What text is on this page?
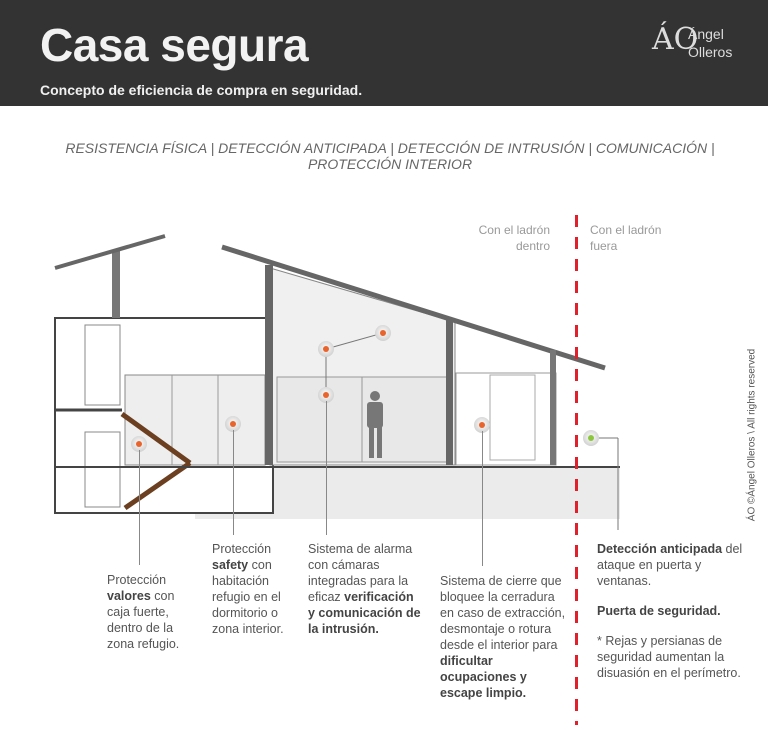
Casa segura
Concepto de eficiencia de compra en seguridad.
ÁO
Ángel
Olleros
RESISTENCIA FÍSICA | DETECCIÓN ANTICIPADA | DETECCIÓN DE INTRUSIÓN | COMUNICACIÓN |
PROTECCIÓN INTERIOR
Con el ladrón
dentro
Con el ladrón
fuera
Protección valores con caja fuerte, dentro de la zona refugio.
Protección safety con habitación refugio en el dormitorio o zona interior.
Sistema de alarma con cámaras integradas para la eficaz verificación y comunicación de la intrusión.
Sistema de cierre que bloquee la cerradura en caso de extracción, desmontaje o rotura desde el interior para dificultar ocupaciones y escape limpio.
Detección anticipada del ataque en puerta y ventanas.
Puerta de seguridad.
* Rejas y persianas de seguridad aumentan la disuasión en el perímetro.
ÁO ©Ángel Olleros \ All rights reserved
